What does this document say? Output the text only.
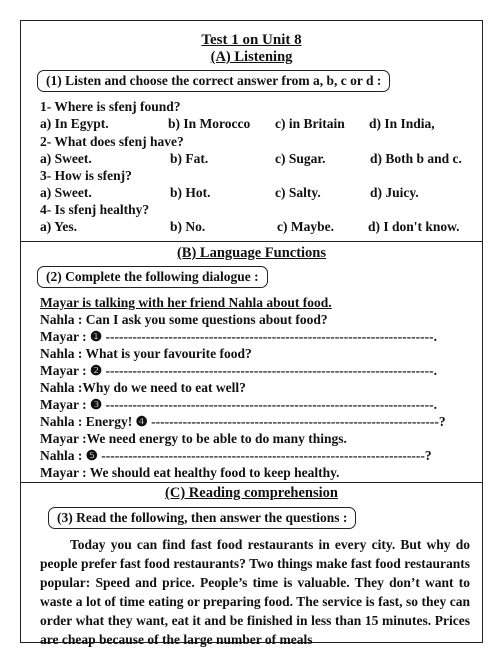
Test 1 on Unit 8
(A) Listening
(1) Listen and choose the correct answer from a, b, c or d :
1- Where is sfenj found?
a) In Egypt.	b) In Morocco c) in Britain d) In India,
2- What does sfenj have?
a) Sweet.	b) Fat.	c) Sugar.	d) Both b and c.
3- How is sfenj?
a) Sweet.	b) Hot.	c) Salty.	d) Juicy.
4- Is sfenj healthy?
a) Yes.	b) No.	c) Maybe.	d) I don't know.
(B) Language Functions
(2) Complete the following dialogue :
Mayar is talking with her friend Nahla about food.
Nahla : Can I ask you some questions about food?
Mayar : ❶ -------------------------------------------------------------------------.
Nahla : What is your favourite food?
Mayar : ❷ -------------------------------------------------------------------------.
Nahla :Why do we need to eat well?
Mayar : ❸ -------------------------------------------------------------------------.
Nahla : Energy! ❹ ----------------------------------------------------------------?
Mayar :We need energy to be able to do many things.
Nahla : ❺ ------------------------------------------------------------------------?
Mayar : We should eat healthy food to keep healthy.
(C) Reading comprehension
(3) Read the following, then answer the questions :

Today you can find fast food restaurants in every city. But why do people prefer fast food restaurants? Two things make fast food restaurants popular: Speed and price. People’s time is valuable. They don’t want to waste a lot of time eating or preparing food. The service is fast, so they can order what they want, eat it and be finished in less than 15 minutes. Prices are cheap because of the large number of meals
